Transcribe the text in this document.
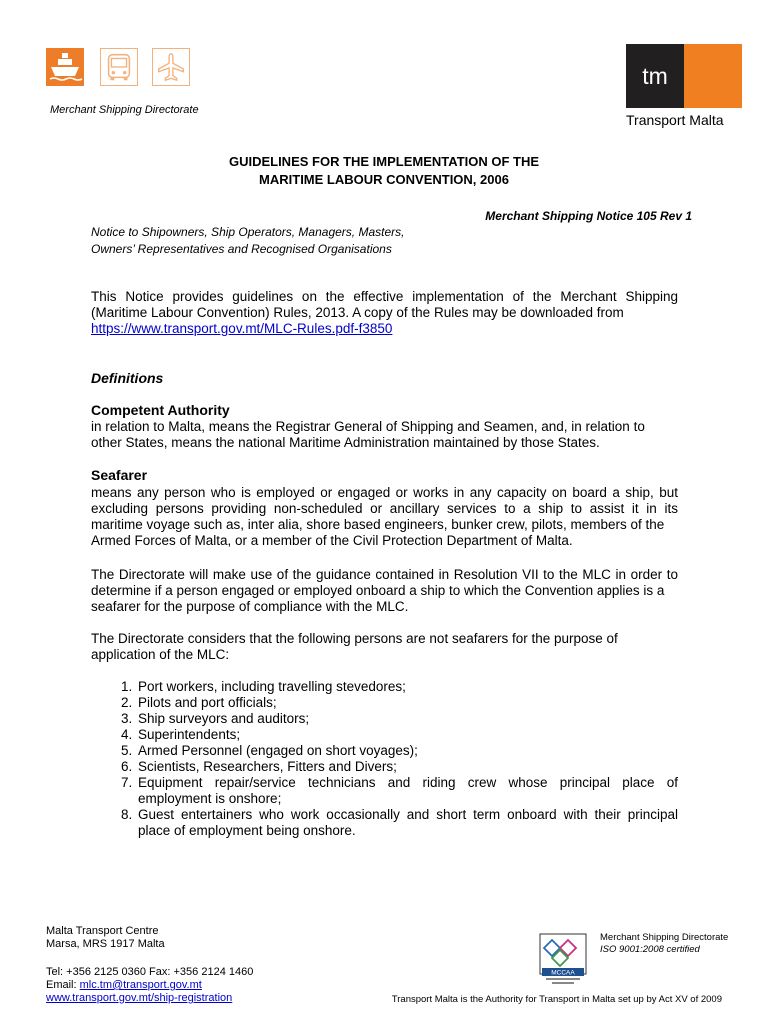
Merchant Shipping Directorate
tm
Transport Malta
GUIDELINES FOR THE IMPLEMENTATION OF THE
MARITIME LABOUR CONVENTION, 2006
Merchant Shipping Notice 105 Rev 1
Notice to Shipowners, Ship Operators, Managers, Masters,
Owners’ Representatives and Recognised Organisations
This Notice provides guidelines on the effective implementation of the Merchant Shipping (Maritime Labour Convention) Rules, 2013. A copy of the Rules may be downloaded from
https://www.transport.gov.mt/MLC-Rules.pdf-f3850
Definitions
Competent Authority
in relation to Malta, means the Registrar General of Shipping and Seamen, and, in relation to
other States, means the national Maritime Administration maintained by those States.
Seafarer
means any person who is employed or engaged or works in any capacity on board a ship, but excluding persons providing non-scheduled or ancillary services to a ship to assist it in its maritime voyage such as, inter alia, shore based engineers, bunker crew, pilots, members of the
Armed Forces of Malta, or a member of the Civil Protection Department of Malta.
The Directorate will make use of the guidance contained in Resolution VII to the MLC in order to determine if a person engaged or employed onboard a ship to which the Convention applies is a
seafarer for the purpose of compliance with the MLC.
The Directorate considers that the following persons are not seafarers for the purpose of
application of the MLC:
1. Port workers, including travelling stevedores;
2. Pilots and port officials;
3. Ship surveyors and auditors;
4. Superintendents;
5. Armed Personnel (engaged on short voyages);
6. Scientists, Researchers, Fitters and Divers;
7. Equipment repair/service technicians and riding crew whose principal place of employment is onshore;
8. Guest entertainers who work occasionally and short term onboard with their principal place of employment being onshore.
Malta Transport Centre
Marsa, MRS 1917 Malta
Tel: +356 2125 0360 Fax: +356 2124 1460
Email: mlc.tm@transport.gov.mt
www.transport.gov.mt/ship-registration
MCCAA
Merchant Shipping Directorate
ISO 9001:2008 certified
Transport Malta is the Authority for Transport in Malta set up by Act XV of 2009
